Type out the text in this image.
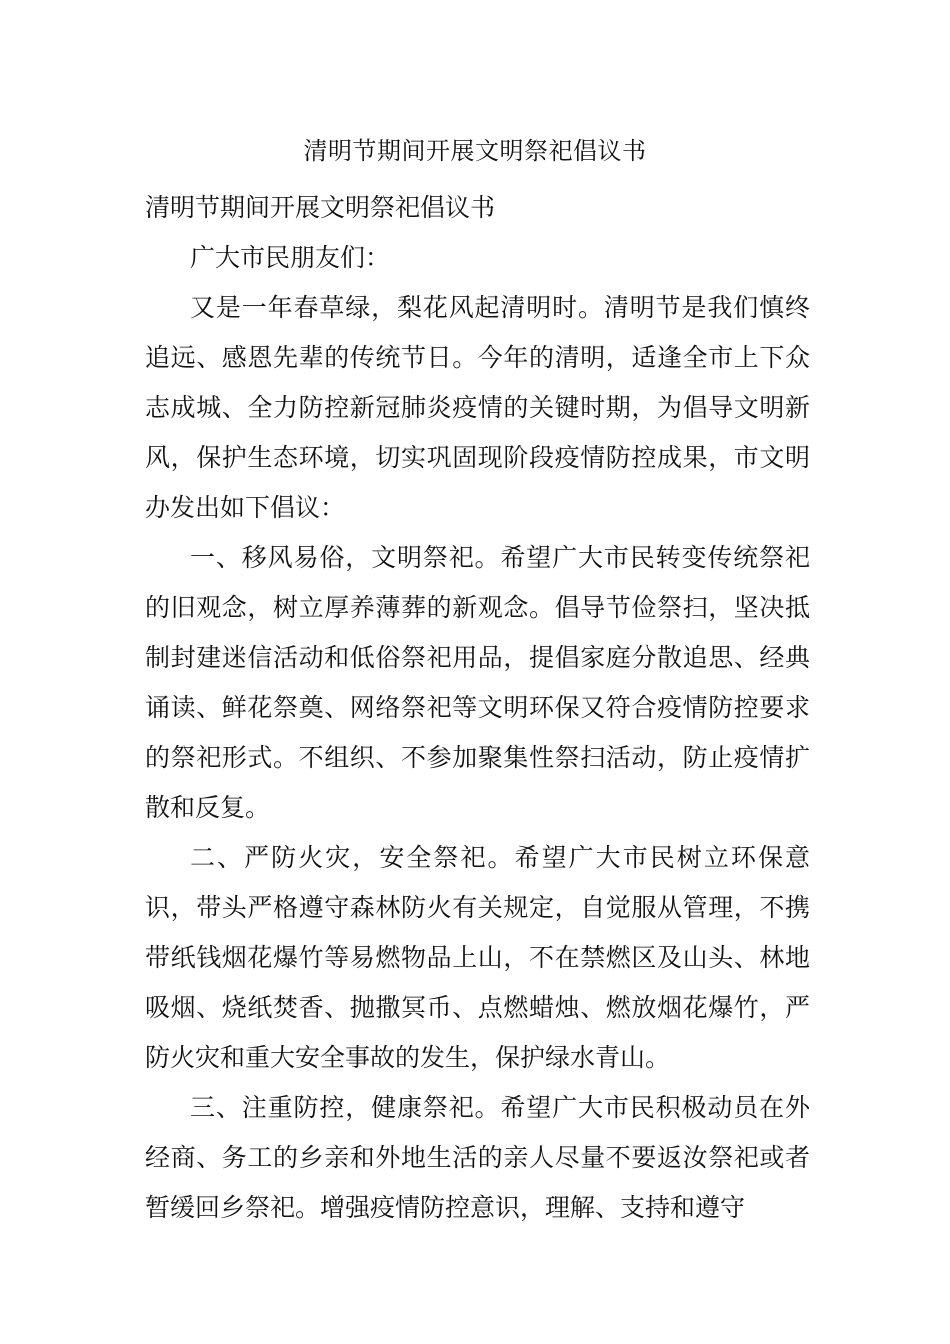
清明节期间开展文明祭祀倡议书

清明节期间开展文明祭祀倡议书

广大市民朋友们：

又是一年春草绿，梨花风起清明时。清明节是我们慎终追远、感恩先辈的传统节日。今年的清明，适逢全市上下众志成城、全力防控新冠肺炎疫情的关键时期，为倡导文明新风，保护生态环境，切实巩固现阶段疫情防控成果，市文明办发出如下倡议：

一、移风易俗，文明祭祀。希望广大市民转变传统祭祀的旧观念，树立厚养薄葬的新观念。倡导节俭祭扫，坚决抵制封建迷信活动和低俗祭祀用品，提倡家庭分散追思、经典诵读、鲜花祭奠、网络祭祀等文明环保又符合疫情防控要求的祭祀形式。不组织、不参加聚集性祭扫活动，防止疫情扩散和反复。

二、严防火灾，安全祭祀。希望广大市民树立环保意识，带头严格遵守森林防火有关规定，自觉服从管理，不携带纸钱烟花爆竹等易燃物品上山，不在禁燃区及山头、林地吸烟、烧纸焚香、抛撒冥币、点燃蜡烛、燃放烟花爆竹，严防火灾和重大安全事故的发生，保护绿水青山。

三、注重防控，健康祭祀。希望广大市民积极动员在外经商、务工的乡亲和外地生活的亲人尽量不要返汝祭祀或者暂缓回乡祭祀。增强疫情防控意识，理解、支持和遵守
